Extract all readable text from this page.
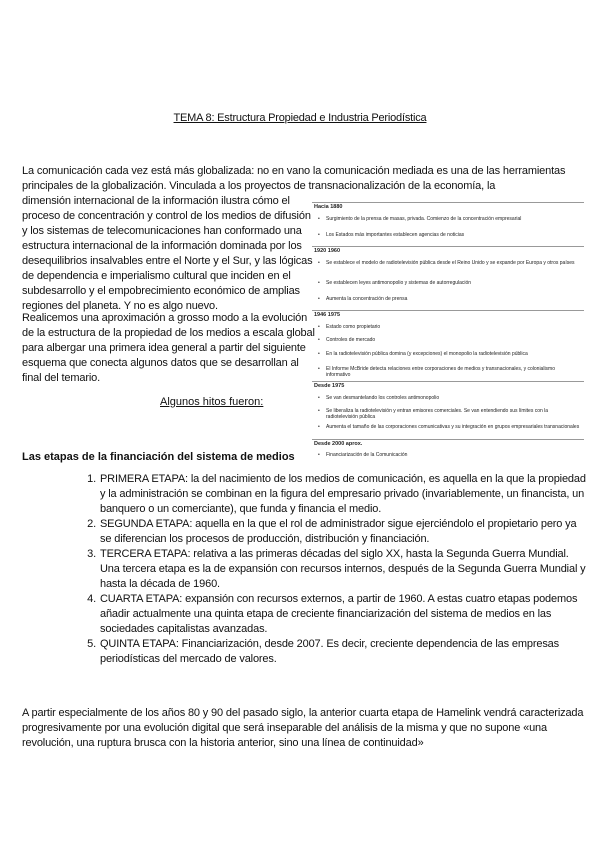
TEMA 8: Estructura Propiedad e Industria Periodística

La comunicación cada vez está más globalizada: no en vano la comunicación mediada es una de las herramientas principales de la globalización. Vinculada a los proyectos de transnacionalización de la economía, la

dimensión internacional de la información ilustra cómo el proceso de concentración y control de los medios de difusión y los sistemas de telecomunicaciones han conformado una estructura internacional de la información dominada por los desequilibrios insalvables entre el Norte y el Sur, y las lógicas de dependencia e imperialismo cultural que inciden en el subdesarrollo y el empobrecimiento económico de amplias regiones del planeta. Y no es algo nuevo.

Realicemos una aproximación a grosso modo a la evolución de la estructura de la propiedad de los medios a escala global para albergar una primera idea general a partir del siguiente esquema que conecta algunos datos que se desarrollan al final del temario.

Algunos hitos fueron:
Hacia 1880
•	Surgimiento de la prensa de masas, privada. Comienzo de la concentración empresarial
•	Los Estados más importantes establecen agencias de noticias
1920 1960
•	Se establece el modelo de radiotelevisión pública desde el Reino Unido y se expande por Europa y otros países
•	Se establecen leyes antimonopolio y sistemas de autorregulación
•	Aumenta la concentración de prensa
1946 1975
•	Estado como propietario
•	Controles de mercado
•	En la radiotelevisión pública domina (y excepciones) el monopolio la radiotelevisión pública
•	El Informe McBride detecta relaciones entre corporaciones de medios y transnacionales, y colonialismo informativo
Desde 1975
•	Se van desmantelando los controles antimonopolio
•	Se liberaliza la radiotelevisión y entran emisores comerciales. Se van entendiendo sus límites con la radiotelevisión pública
•	Aumenta el tamaño de las corporaciones comunicativas y su integración en grupos empresariales transnacionales
Desde 2000 aprox.
•	Financiarización de la Comunicación
Las etapas de la financiación del sistema de medios
1. PRIMERA ETAPA: la del nacimiento de los medios de comunicación, es aquella en la que la propiedad y la administración se combinan en la figura del empresario privado (invariablemente, un financista, un banquero o un comerciante), que funda y financia el medio.
2. SEGUNDA ETAPA: aquella en la que el rol de administrador sigue ejerciéndolo el propietario pero ya se diferencian los procesos de producción, distribución y financiación.
3. TERCERA ETAPA: relativa a las primeras décadas del siglo XX, hasta la Segunda Guerra Mundial. Una tercera etapa es la de expansión con recursos internos, después de la Segunda Guerra Mundial y hasta la década de 1960.
4. CUARTA ETAPA: expansión con recursos externos, a partir de 1960. A estas cuatro etapas podemos añadir actualmente una quinta etapa de creciente financiarización del sistema de medios en las sociedades capitalistas avanzadas.
5. QUINTA ETAPA: Financiarización, desde 2007. Es decir, creciente dependencia de las empresas periodísticas del mercado de valores.

A partir especialmente de los años 80 y 90 del pasado siglo, la anterior cuarta etapa de Hamelink vendrá caracterizada progresivamente por una evolución digital que será inseparable del análisis de la misma y que no supone «una revolución, una ruptura brusca con la historia anterior, sino una línea de continuidad»
